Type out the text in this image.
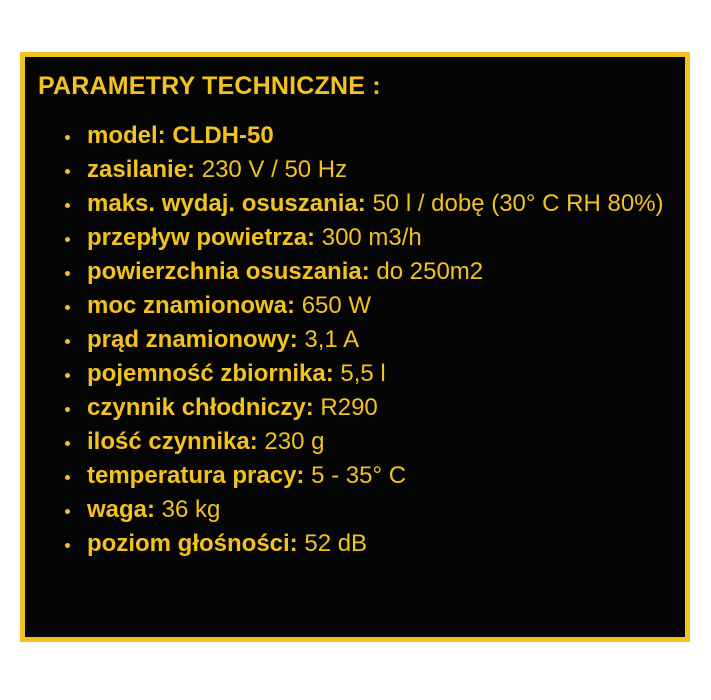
PARAMETRY TECHNICZNE :
model: CLDH-50
zasilanie: 230 V / 50 Hz
maks. wydaj. osuszania: 50 l / dobę (30° C RH 80%)
przepływ powietrza: 300 m3/h
powierzchnia osuszania: do 250m2
moc znamionowa: 650 W
prąd znamionowy: 3,1 A
pojemność zbiornika: 5,5 l
czynnik chłodniczy: R290
ilość czynnika: 230 g
temperatura pracy: 5 - 35° C
waga: 36 kg
poziom głośności: 52 dB
